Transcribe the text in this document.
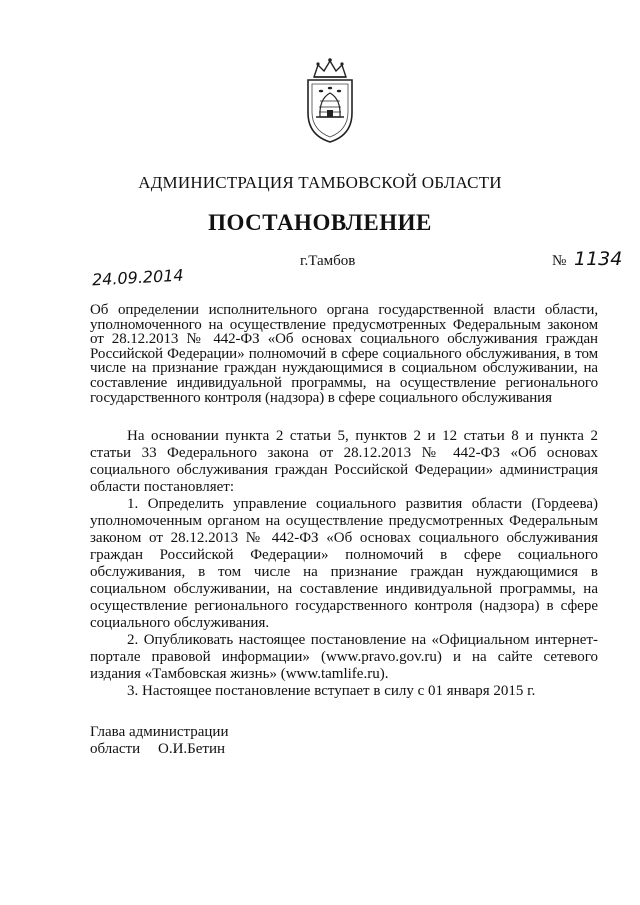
АДМИНИСТРАЦИЯ ТАМБОВСКОЙ ОБЛАСТИ
ПОСТАНОВЛЕНИЕ
24.09.2014
г.Тамбов	№ 1134
Об определении исполнительного органа государственной власти области, уполномоченного на осуществление предусмотренных Федеральным законом от 28.12.2013 № 442-ФЗ «Об основах социального обслуживания граждан Российской Федерации» полномочий в сфере социального обслуживания, в том числе на признание граждан нуждающимися в социальном обслуживании, на составление индивидуальной программы, на осуществление регионального государственного контроля (надзора) в сфере социального обслуживания
На основании пункта 2 статьи 5, пунктов 2 и 12 статьи 8 и пункта 2 статьи 33 Федерального закона от 28.12.2013 № 442-ФЗ «Об основах социального обслуживания граждан Российской Федерации» администрация области постановляет:
1. Определить управление социального развития области (Гордеева) уполномоченным органом на осуществление предусмотренных Федеральным законом от 28.12.2013 № 442-ФЗ «Об основах социального обслуживания граждан Российской Федерации» полномочий в сфере социального обслуживания, в том числе на признание граждан нуждающимися в социальном обслуживании, на составление индивидуальной программы, на осуществление регионального государственного контроля (надзора) в сфере социального обслуживания.
2. Опубликовать настоящее постановление на «Официальном интернет-портале правовой информации» (www.pravo.gov.ru) и на сайте сетевого издания «Тамбовская жизнь» (www.tamlife.ru).
3. Настоящее постановление вступает в силу с 01 января 2015 г.
Глава администрации
области О.И.Бетин
